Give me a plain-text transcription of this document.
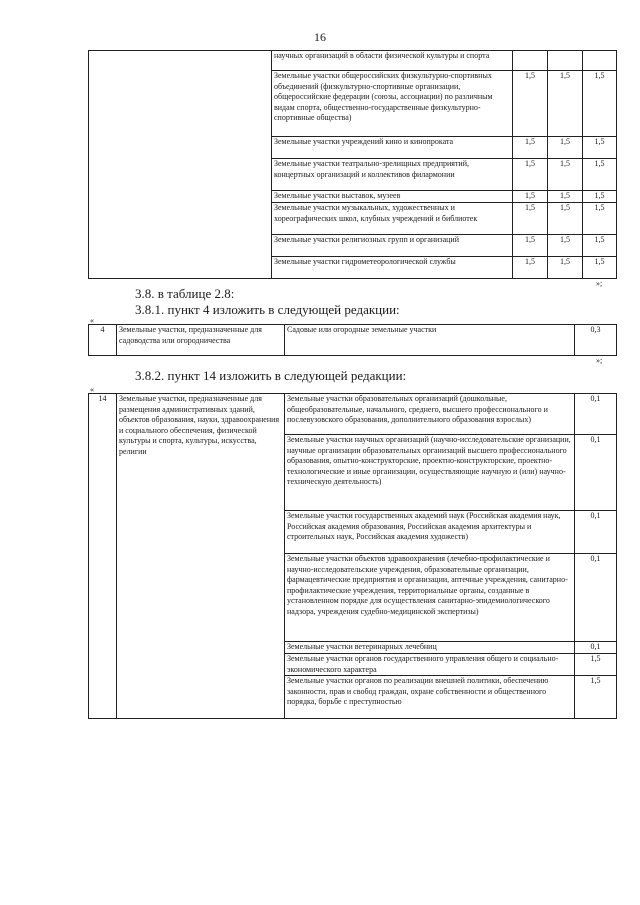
16
	научных организаций в области физической культуры и спорта			
	Земельные участки общероссийских физкультурно-спортивных объединений (физкультурно-спортивные организации, общероссийские федерации (союзы, ассоциации) по различным видам спорта, общественно-государственные физкультурно-спортивные общества)	1,5	1,5	1,5
	Земельные участки учреждений кино и кинопроката	1,5	1,5	1,5
	Земельные участки театрально-зрелищных предприятий, концертных организаций и коллективов филармонии	1,5	1,5	1,5
	Земельные участки выставок, музеев	1,5	1,5	1,5
	Земельные участки музыкальных, художественных и хореографических школ, клубных учреждений и библиотек	1,5	1,5	1,5
	Земельные участки религиозных групп и организаций	1,5	1,5	1,5
	Земельные участки гидрометеорологической службы	1,5	1,5	1,5
»;
3.8. в таблице 2.8:
3.8.1. пункт 4 изложить в следующей редакции:
«
4	Земельные участки, предназначенные для садоводства или огородничества	Садовые или огородные земельные участки	0,3
»;
3.8.2. пункт 14 изложить в следующей редакции:
«
14	Земельные участки, предназначенные для размещения административных зданий, объектов образования, науки, здравоохранения и социального обеспечения, физической культуры и спорта, культуры, искусства, религии	Земельные участки образовательных организаций (дошкольные, общеобразовательные, начального, среднего, высшего профессионального и послевузовского образования, дополнительного образования взрослых)	0,1
		Земельные участки научных организаций (научно-исследовательские организации, научные организации образовательных организаций высшего профессионального образования, опытно-конструкторские, проектно-конструкторские, проектно-технологические и иные организации, осуществляющие научную и (или) научно-техническую деятельность)	0,1
		Земельные участки государственных академий наук (Российская академия наук, Российская академия образования, Российская академия архитектуры и строительных наук, Российская академия художеств)	0,1
		Земельные участки объектов здравоохранения (лечебно-профилактические и научно-исследовательские учреждения, образовательные организации, фармацевтические предприятия и организации, аптечные учреждения, санитарно-профилактические учреждения, территориальные органы, созданные в установленном порядке для осуществления санитарно-эпидемиологического надзора, учреждения судебно-медицинской экспертизы)	0,1
		Земельные участки ветеринарных лечебниц	0,1
		Земельные участки органов государственного управления общего и социально-экономического характера	1,5
		Земельные участки органов по реализации внешней политики, обеспечению законности, прав и свобод граждан, охране собственности и общественного порядка, борьбе с преступностью	1,5
